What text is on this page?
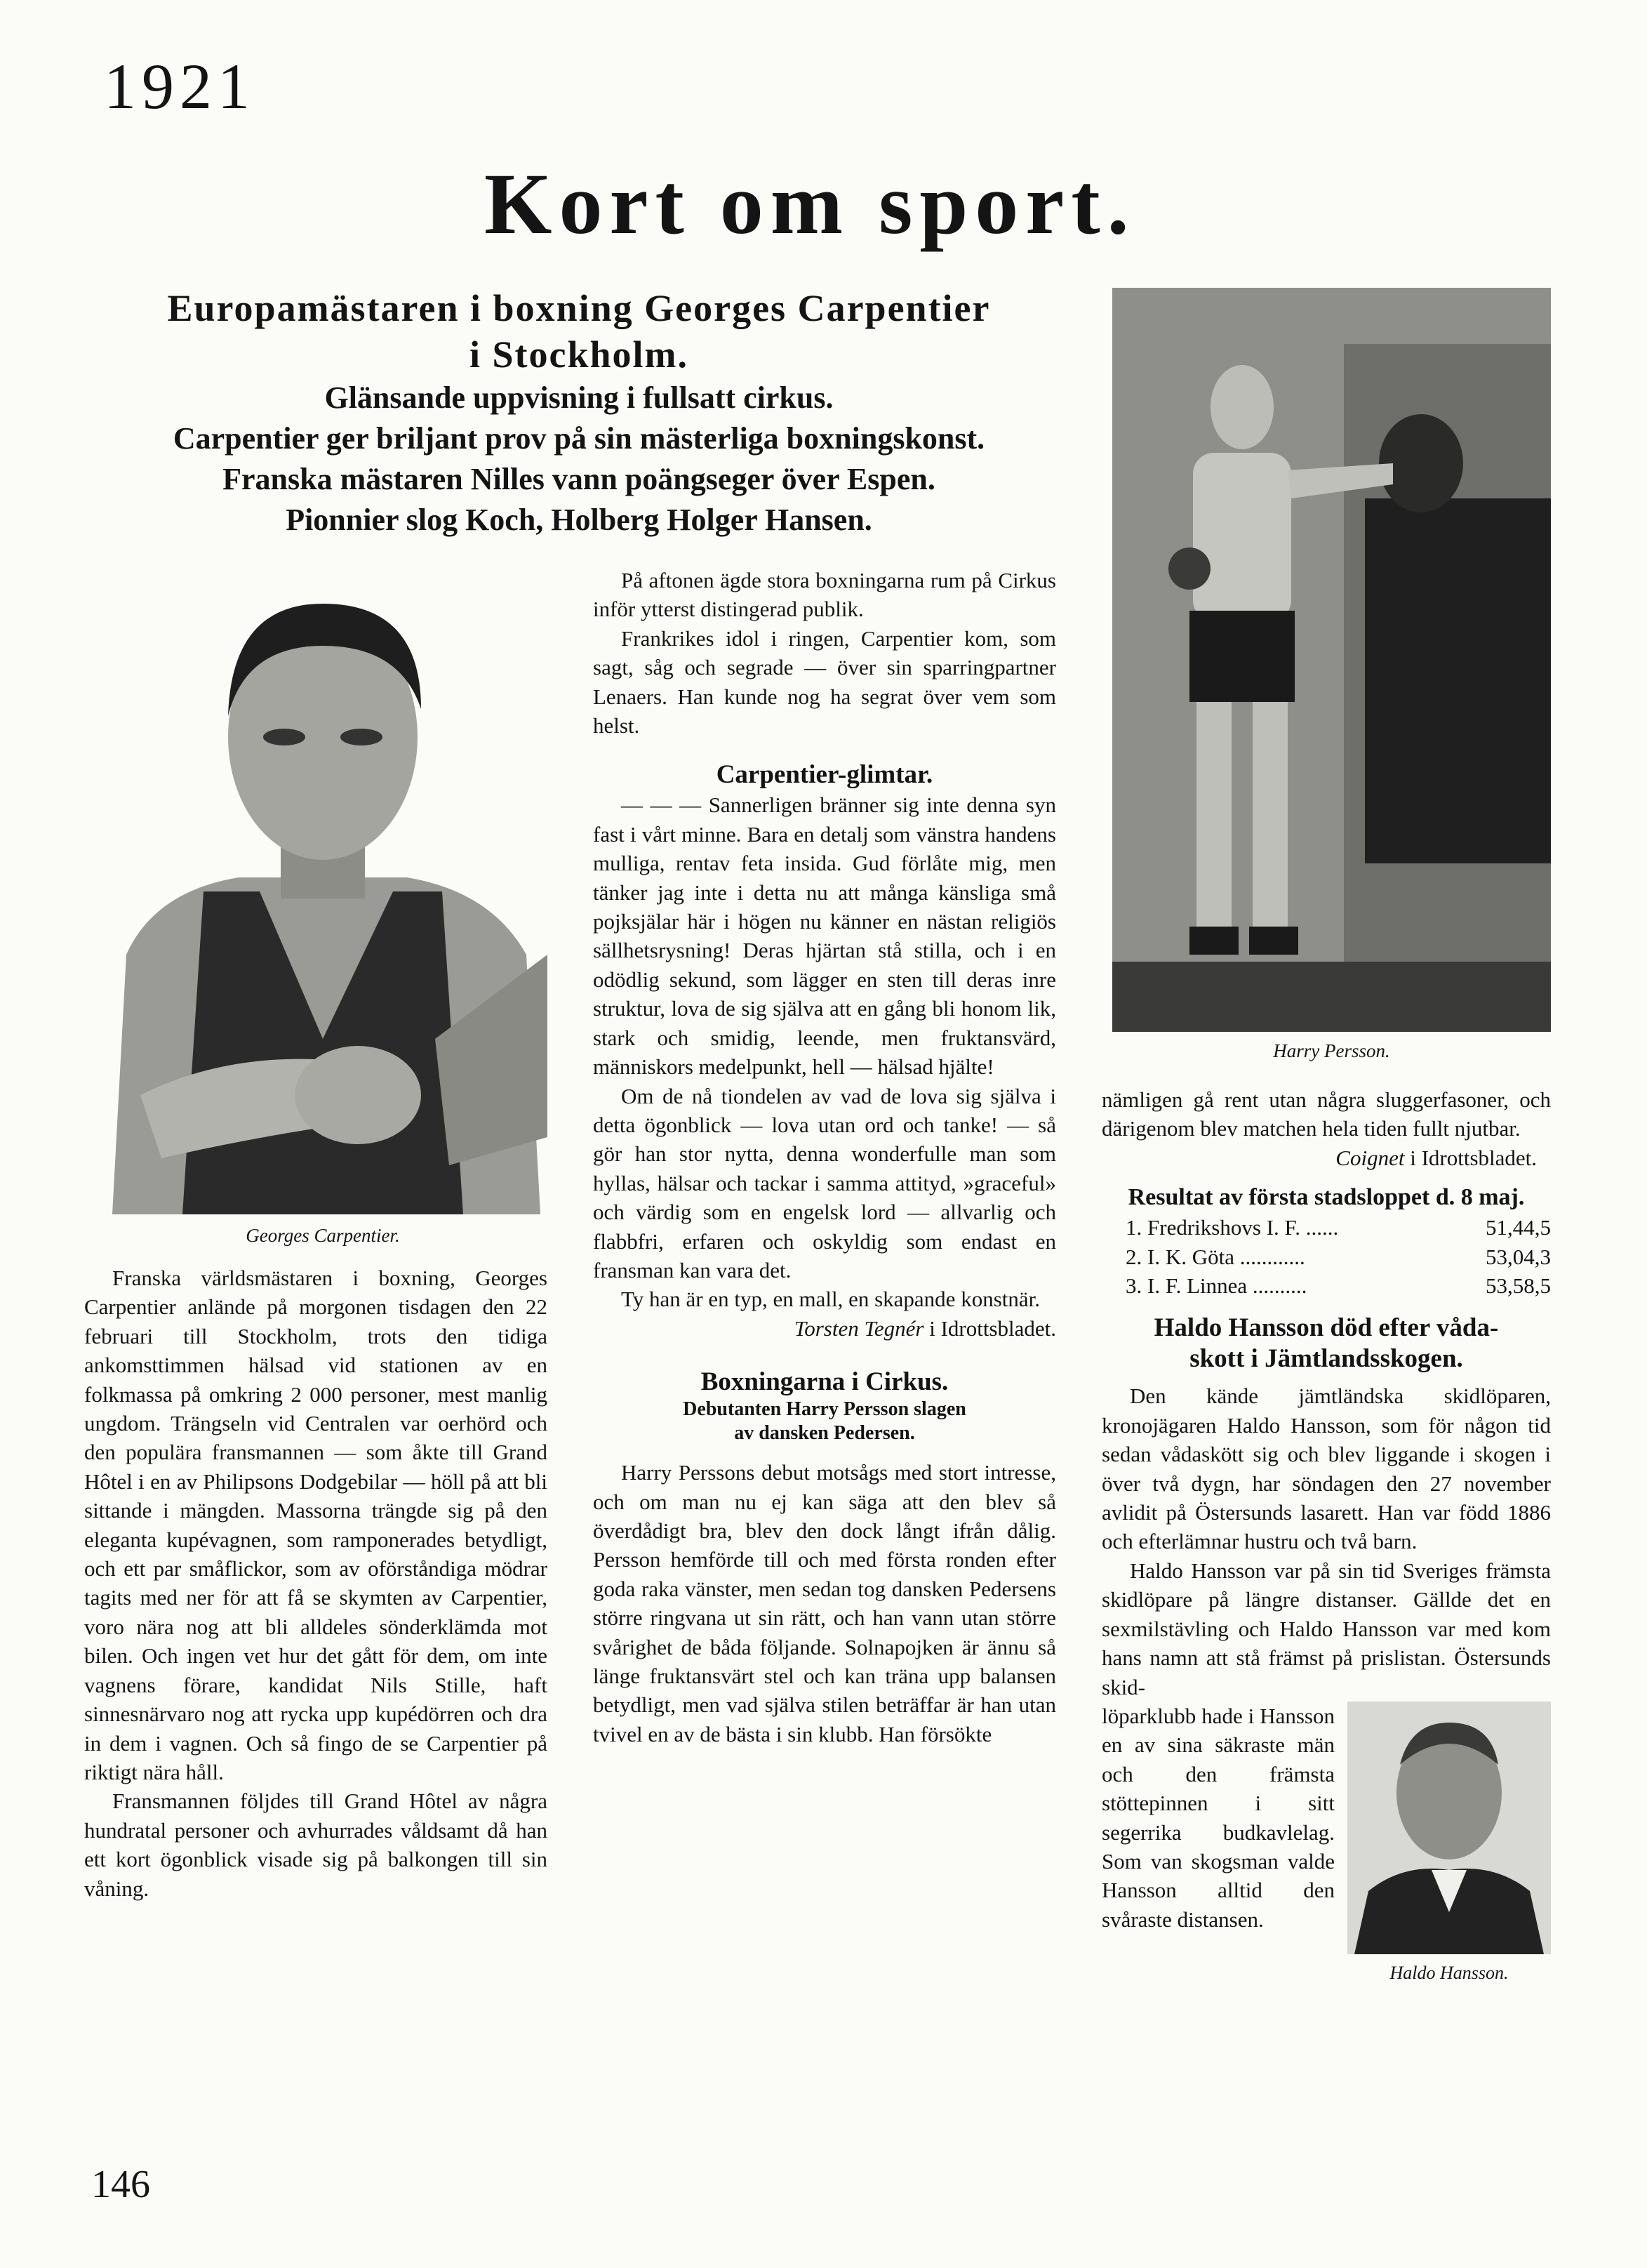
1921
Kort om sport.
Europamästaren i boxning Georges Carpentier
i Stockholm.
Glänsande uppvisning i fullsatt cirkus.
Carpentier ger briljant prov på sin mästerliga boxningskonst.
Franska mästaren Nilles vann poängseger över Espen.
Pionnier slog Koch, Holberg Holger Hansen.
Georges Carpentier.

Franska världsmästaren i boxning, Georges Carpentier anlände på morgonen tisdagen den 22 februari till Stockholm, trots den tidiga ankomsttimmen hälsad vid stationen av en folkmassa på omkring 2 000 personer, mest manlig ungdom. Trängseln vid Centralen var oerhörd och den populära fransmannen — som åkte till Grand Hôtel i en av Philipsons Dodgebilar — höll på att bli sittande i mängden. Massorna trängde sig på den eleganta kupévagnen, som ramponerades betydligt, och ett par småflickor, som av oförståndiga mödrar tagits med ner för att få se skymten av Carpentier, voro nära nog att bli alldeles sönderklämda mot bilen. Och ingen vet hur det gått för dem, om inte vagnens förare, kandidat Nils Stille, haft sinnesnärvaro nog att rycka upp kupédörren och dra in dem i vagnen. Och så fingo de se Carpentier på riktigt nära håll.

Fransmannen följdes till Grand Hôtel av några hundratal personer och avhurrades våldsamt då han ett kort ögonblick visade sig på balkongen till sin våning.

På aftonen ägde stora boxningarna rum på Cirkus inför ytterst distingerad publik.

Frankrikes idol i ringen, Carpentier kom, som sagt, såg och segrade — över sin sparringpartner Lenaers. Han kunde nog ha segrat över vem som helst.

Carpentier-glimtar.

— — — Sannerligen bränner sig inte denna syn fast i vårt minne. Bara en detalj som vänstra handens mulliga, rentav feta insida. Gud förlåte mig, men tänker jag inte i detta nu att många känsliga små pojksjälar här i högen nu känner en nästan religiös sällhetsrysning! Deras hjärtan stå stilla, och i en odödlig sekund, som lägger en sten till deras inre struktur, lova de sig själva att en gång bli honom lik, stark och smidig, leende, men fruktansvärd, människors medelpunkt, hell — hälsad hjälte!

Om de nå tiondelen av vad de lova sig själva i detta ögonblick — lova utan ord och tanke! — så gör han stor nytta, denna wonderfulle man som hyllas, hälsar och tackar i samma attityd, »graceful» och värdig som en engelsk lord — allvarlig och flabbfri, erfaren och oskyldig som endast en fransman kan vara det.

Ty han är en typ, en mall, en skapande konstnär.

Torsten Tegnér i Idrottsbladet.
Boxningarna i Cirkus.
Debutanten Harry Persson slagen
av dansken Pedersen.

Harry Perssons debut motsågs med stort intresse, och om man nu ej kan säga att den blev så överdådigt bra, blev den dock långt ifrån dålig. Persson hemförde till och med första ronden efter goda raka vänster, men sedan tog dansken Pedersens större ringvana ut sin rätt, och han vann utan större svårighet de båda följande. Solnapojken är ännu så länge fruktansvärt stel och kan träna upp balansen betydligt, men vad själva stilen beträffar är han utan tvivel en av de bästa i sin klubb. Han försökte

Harry Persson.

nämligen gå rent utan några sluggerfasoner, och därigenom blev matchen hela tiden fullt njutbar.

Coignet i Idrottsbladet.
Resultat av första stadsloppet d. 8 maj.
1. Fredrikshovs I. F. ......	51,44,5
2. I. K. Göta ............	53,04,3
3. I. F. Linnea ..........	53,58,5
Haldo Hansson död efter våda-
skott i Jämtlandsskogen.

Den kände jämtländska skidlöparen, kronojägaren Haldo Hansson, som för någon tid sedan vådaskött sig och blev liggande i skogen i över två dygn, har söndagen den 27 november avlidit på Östersunds lasarett. Han var född 1886 och efterlämnar hustru och två barn.

Haldo Hansson var på sin tid Sveriges främsta skidlöpare på längre distanser. Gällde det en sexmilstävling och Haldo Hansson var med kom hans namn att stå främst på prislistan. Östersunds skid-

löparklubb hade i Hansson en av sina säkraste män och den främsta stöttepinnen i sitt segerrika budkavlelag. Som van skogsman valde Hansson alltid den svåraste distansen.

Haldo Hansson.
146
